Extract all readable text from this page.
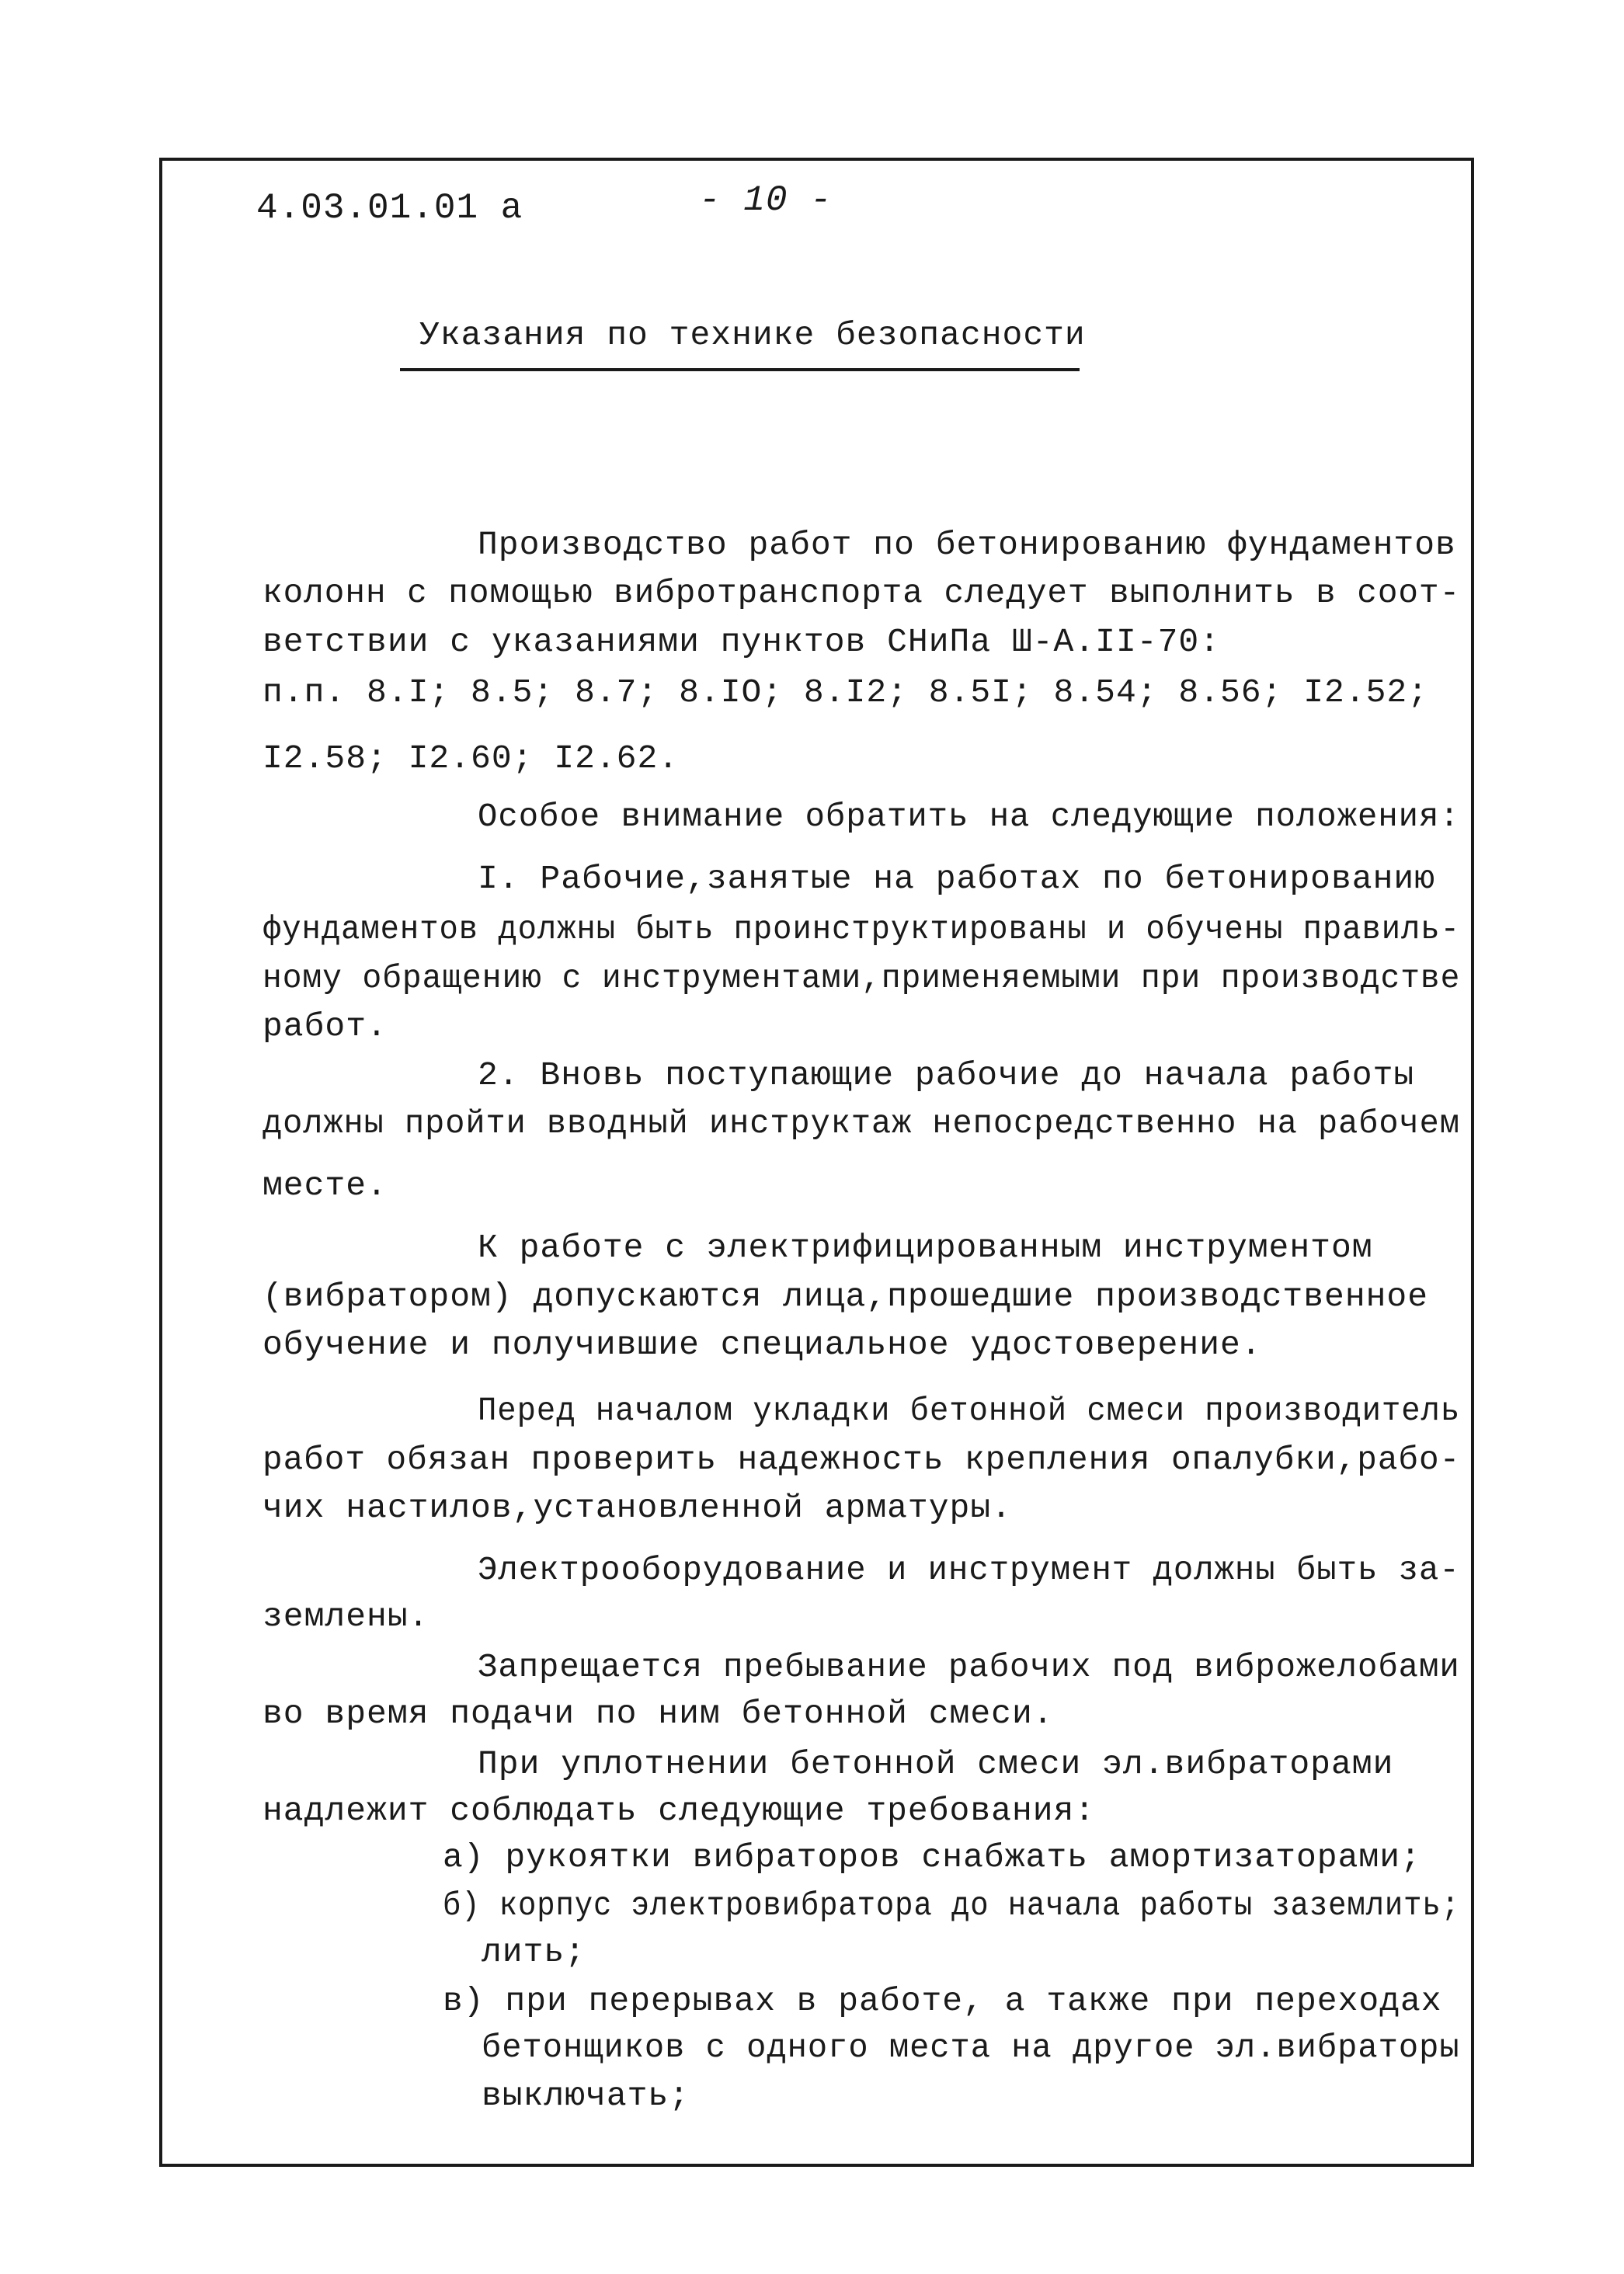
4.03.01.01 а	- 10 -
Указания по технике безопасности
Производство работ по бетонированию фундаментов
колонн с помощью вибротранспорта следует выполнить в соот-
ветствии с указаниями пунктов СНиПа Ш-А.II-70:
п.п. 8.I; 8.5; 8.7; 8.IO; 8.I2; 8.5I; 8.54; 8.56; I2.52;
I2.58; I2.60; I2.62.
Особое внимание обратить на следующие положения:
I. Рабочие,занятые на работах по бетонированию
фундаментов должны быть проинструктированы и обучены правиль-
ному обращению с инструментами,применяемыми при производстве
работ.
2. Вновь поступающие рабочие до начала работы
должны пройти вводный инструктаж непосредственно на рабочем
месте.
К работе с электрифицированным инструментом
(вибратором) допускаются лица,прошедшие производственное
обучение и получившие специальное удостоверение.
Перед началом укладки бетонной смеси производитель
работ обязан проверить надежность крепления опалубки,рабо-
чих настилов,установленной арматуры.
Электрооборудование и инструмент должны быть за-
землены.
Запрещается пребывание рабочих под виброжелобами
во время подачи по ним бетонной смеси.
При уплотнении бетонной смеси эл.вибраторами
надлежит соблюдать следующие требования:
а) рукоятки вибраторов снабжать амортизаторами;
б) корпус электровибратора до начала работы заземлить;
лить;
в) при перерывах в работе, а также при переходах
бетонщиков с одного места на другое эл.вибраторы
выключать;
